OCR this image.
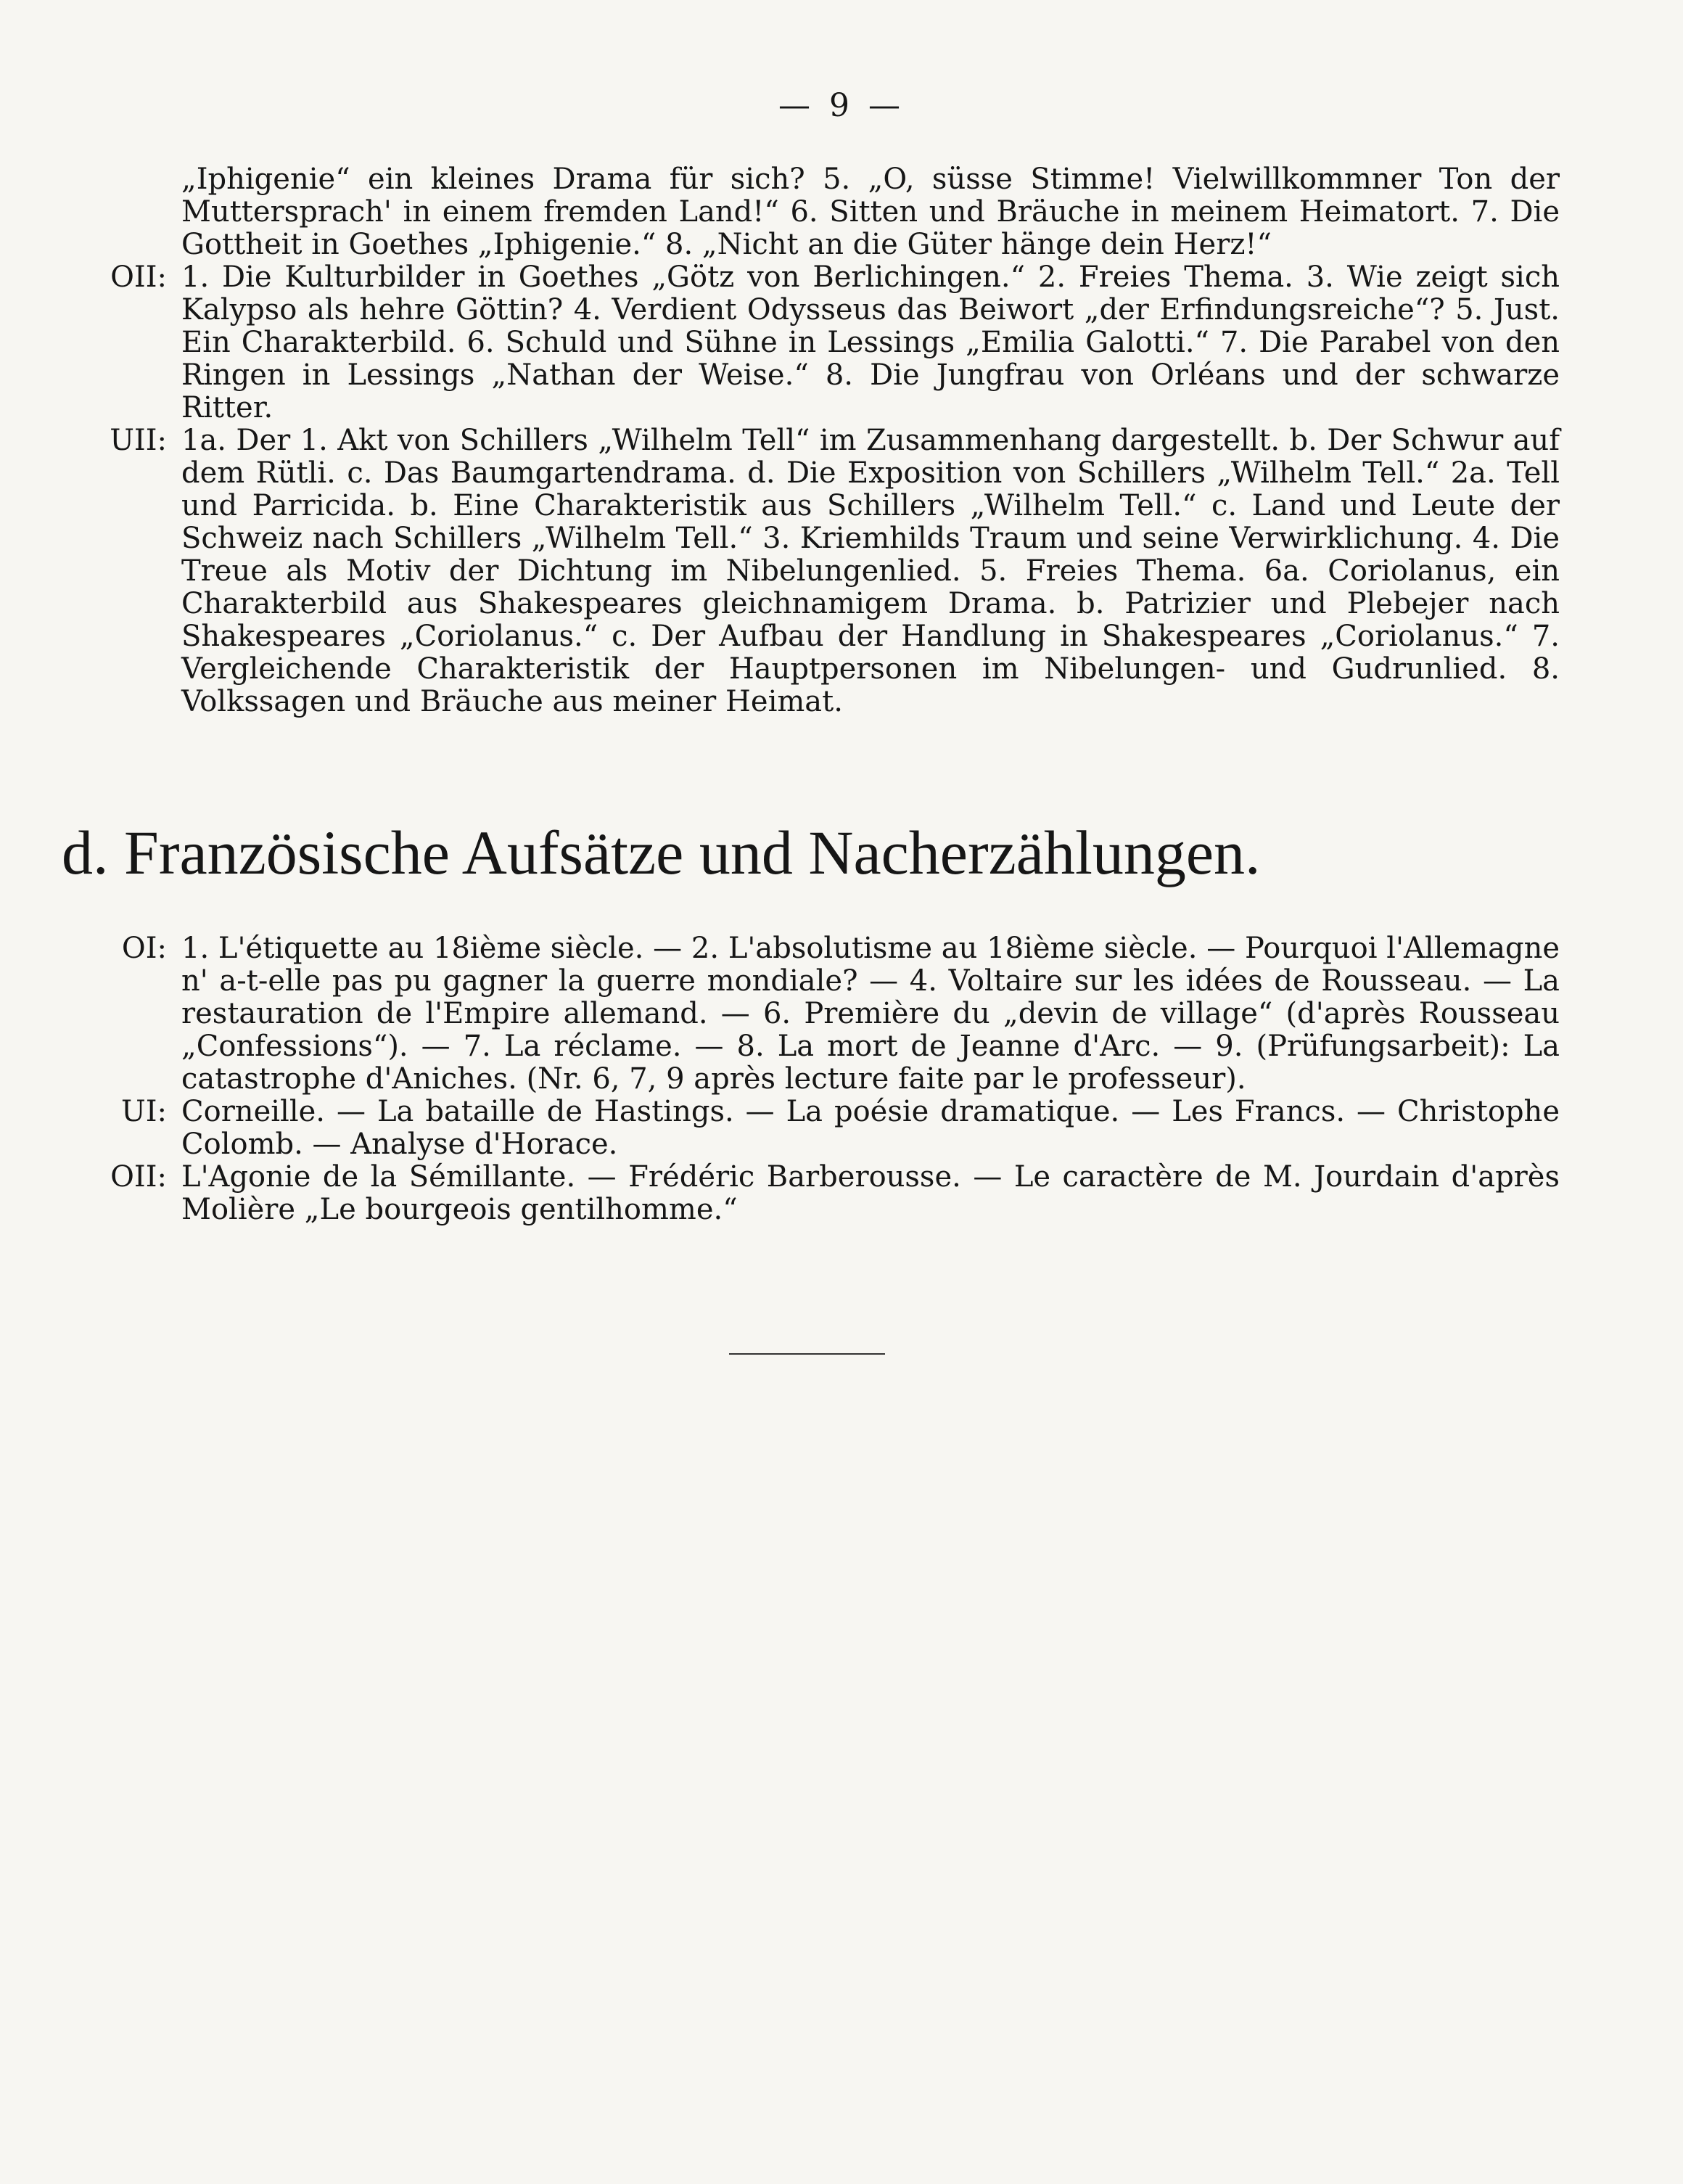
— 9 —
„Iphigenie“ ein kleines Drama für sich? 5. „O, süsse Stimme! Vielwillkommner Ton der Muttersprach' in einem fremden Land!“ 6. Sitten und Bräuche in meinem Heimatort. 7. Die Gottheit in Goethes „Iphigenie.“ 8. „Nicht an die Güter hänge dein Herz!“
OII: 1. Die Kulturbilder in Goethes „Götz von Berlichingen.“ 2. Freies Thema. 3. Wie zeigt sich Kalypso als hehre Göttin? 4. Verdient Odysseus das Beiwort „der Erfindungsreiche“? 5. Just. Ein Charakterbild. 6. Schuld und Sühne in Lessings „Emilia Galotti.“ 7. Die Parabel von den Ringen in Lessings „Nathan der Weise.“ 8. Die Jungfrau von Orléans und der schwarze Ritter.
UII: 1a. Der 1. Akt von Schillers „Wilhelm Tell“ im Zusammenhang dargestellt. b. Der Schwur auf dem Rütli. c. Das Baumgartendrama. d. Die Exposition von Schillers „Wilhelm Tell.“ 2a. Tell und Parricida. b. Eine Charakteristik aus Schillers „Wilhelm Tell.“ c. Land und Leute der Schweiz nach Schillers „Wilhelm Tell.“ 3. Kriemhilds Traum und seine Verwirklichung. 4. Die Treue als Motiv der Dichtung im Nibelungenlied. 5. Freies Thema. 6a. Coriolanus, ein Charakterbild aus Shakespeares gleichnamigem Drama. b. Patrizier und Plebejer nach Shakespeares „Coriolanus.“ c. Der Aufbau der Handlung in Shakespeares „Coriolanus.“ 7. Vergleichende Charakteristik der Hauptpersonen im Nibelungen- und Gudrunlied. 8. Volkssagen und Bräuche aus meiner Heimat.
d. Französische Aufsätze und Nacherzählungen.
OI: 1. L'étiquette au 18ième siècle. — 2. L'absolutisme au 18ième siècle. — Pourquoi l'Allemagne n' a-t-elle pas pu gagner la guerre mondiale? — 4. Voltaire sur les idées de Rousseau. — La restauration de l'Empire allemand. — 6. Première du „devin de village“ (d'après Rousseau „Confessions“). — 7. La réclame. — 8. La mort de Jeanne d'Arc. — 9. (Prüfungsarbeit): La catastrophe d'Aniches. (Nr. 6, 7, 9 après lecture faite par le professeur).
UI: Corneille. — La bataille de Hastings. — La poésie dramatique. — Les Francs. — Christophe Colomb. — Analyse d'Horace.
OII: L'Agonie de la Sémillante. — Frédéric Barberousse. — Le caractère de M. Jourdain d'après Molière „Le bourgeois gentilhomme.“
